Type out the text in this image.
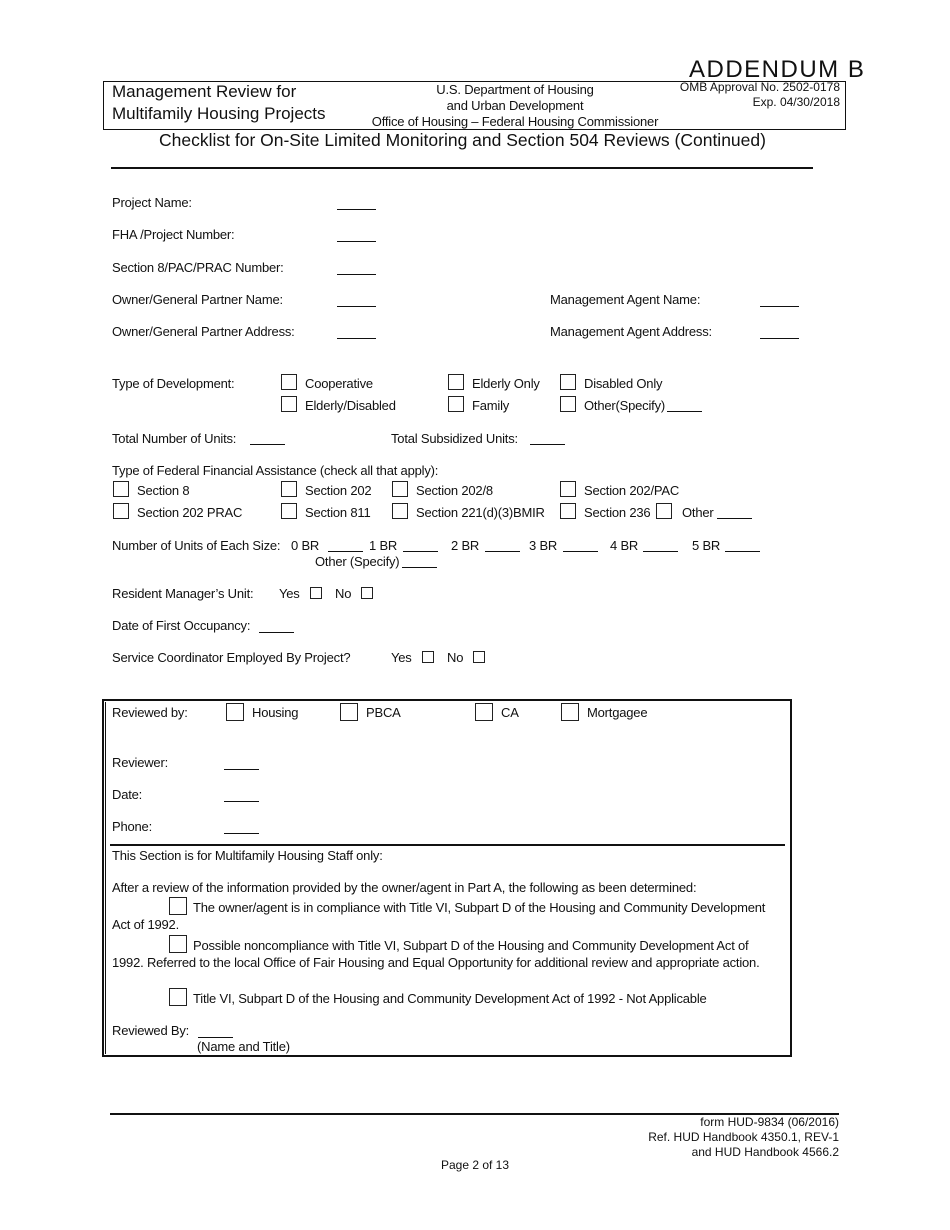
ADDENDUM B
Management Review for
Multifamily Housing Projects
U.S. Department of Housing
and Urban Development
Office of Housing – Federal Housing Commissioner
OMB Approval No. 2502-0178
Exp. 04/30/2018
Checklist for On-Site Limited Monitoring and Section 504 Reviews (Continued)
Project Name:
FHA /Project Number:
Section 8/PAC/PRAC Number:
Owner/General Partner Name:	Management Agent Name:
Owner/General Partner Address:	Management Agent Address:
Type of Development:	Cooperative	Elderly Only	Disabled Only
Elderly/Disabled	Family	Other(Specify)
Total Number of Units:	Total Subsidized Units:
Type of Federal Financial Assistance (check all that apply):
Section 8	Section 202	Section 202/8	Section 202/PAC
Section 202 PRAC	Section 811	Section 221(d)(3)BMIR	Section 236 Other
Number of Units of Each Size: 0 BR	1 BR	2 BR	3 BR	4 BR	5 BR
Other (Specify)
Resident Manager’s Unit: Yes	No
Date of First Occupancy:
Service Coordinator Employed By Project?	Yes	No
Reviewed by:	Housing	PBCA	CA	Mortgagee
Reviewer:
Date:
Phone:
This Section is for Multifamily Housing Staff only:
After a review of the information provided by the owner/agent in Part A, the following as been determined:
The owner/agent is in compliance with Title VI, Subpart D of the Housing and Community Development
Act of 1992.
Possible noncompliance with Title VI, Subpart D of the Housing and Community Development Act of
1992. Referred to the local Office of Fair Housing and Equal Opportunity for additional review and appropriate action.
Title VI, Subpart D of the Housing and Community Development Act of 1992 - Not Applicable
Reviewed By:
(Name and Title)
form HUD-9834 (06/2016)
Ref. HUD Handbook 4350.1, REV-1
and HUD Handbook 4566.2
Page 2 of 13
